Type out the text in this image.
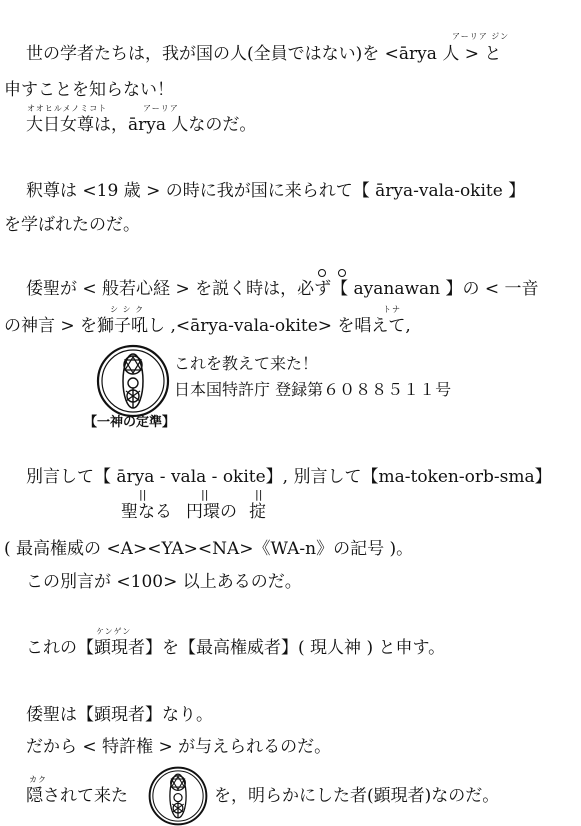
アーリア ジン
世の学者たちは，我が国の人(全員ではない)を <ārya 人 > と
申すことを知らない！
オオヒルメノミコト	アーリア
大日女尊は，ārya 人なのだ。
釈尊は <19 歳 > の時に我が国に来られて【 ārya-vala-okite 】
を学ばれたのだ。
倭聖が < 般若心経 > を説く時は，必ず【 ayanawan 】の < 一音
シ シ ク	トナ
の神言 > を獅子吼し ,<ārya-vala-okite> を唱えて,
これを教えて来た！
日本国特許庁 登録第６０８８５１１号
【一神の定準】
別言して【 ārya - vala - okite】, 別言して【ma-token-orb-sma】
||	||	||
聖なる 円環の 掟
( 最高権威の <A><YA><NA>《WA-n》の記号 )。
この別言が <100> 以上あるのだ。
ケンゲン
これの【顕現者】を【最高権威者】( 現人神 ) と申す。
倭聖は【顕現者】なり。
だから < 特許権 > が与えられるのだ。
カク
隠されて来た	を，明らかにした者(顕現者)なのだ。
